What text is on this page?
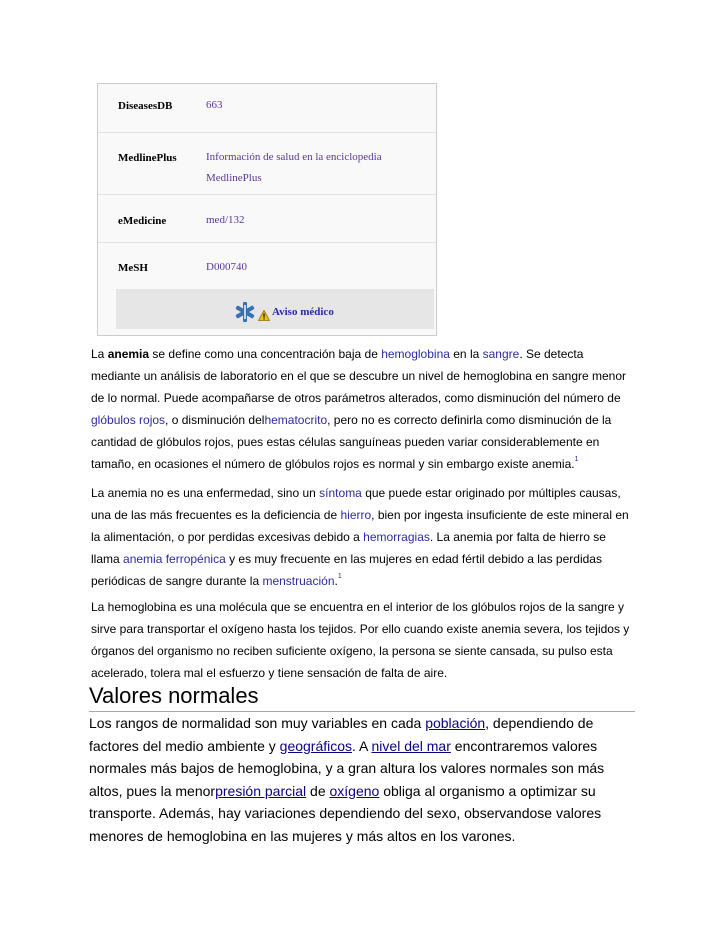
DiseasesDB	663
MedlinePlus	Información de salud en la enciclopedia
MedlinePlus
eMedicine	med/132
MeSH	D000740
Aviso médico

La anemia se define como una concentración baja de hemoglobina en la sangre. Se detecta mediante un análisis de laboratorio en el que se descubre un nivel de hemoglobina en sangre menor de lo normal. Puede acompañarse de otros parámetros alterados, como disminución del número de glóbulos rojos, o disminución delhematocrito, pero no es correcto definirla como disminución de la cantidad de glóbulos rojos, pues estas células sanguíneas pueden variar considerablemente en tamaño, en ocasiones el número de glóbulos rojos es normal y sin embargo existe anemia.$^1$

La anemia no es una enfermedad, sino un síntoma que puede estar originado por múltiples causas, una de las más frecuentes es la deficiencia de hierro, bien por ingesta insuficiente de este mineral en la alimentación, o por perdidas excesivas debido a hemorragias. La anemia por falta de hierro se llama anemia ferropénica y es muy frecuente en las mujeres en edad fértil debido a las perdidas periódicas de sangre durante la menstruación.$^1$

La hemoglobina es una molécula que se encuentra en el interior de los glóbulos rojos de la sangre y sirve para transportar el oxígeno hasta los tejidos. Por ello cuando existe anemia severa, los tejidos y órganos del organismo no reciben suficiente oxígeno, la persona se siente cansada, su pulso esta acelerado, tolera mal el esfuerzo y tiene sensación de falta de aire.

Valores normales

Los rangos de normalidad son muy variables en cada población, dependiendo de factores del medio ambiente y geográficos. A nivel del mar encontraremos valores normales más bajos de hemoglobina, y a gran altura los valores normales son más altos, pues la menorpresión parcial de oxígeno obliga al organismo a optimizar su transporte. Además, hay variaciones dependiendo del sexo, observandose valores menores de hemoglobina en las mujeres y más altos en los varones.
